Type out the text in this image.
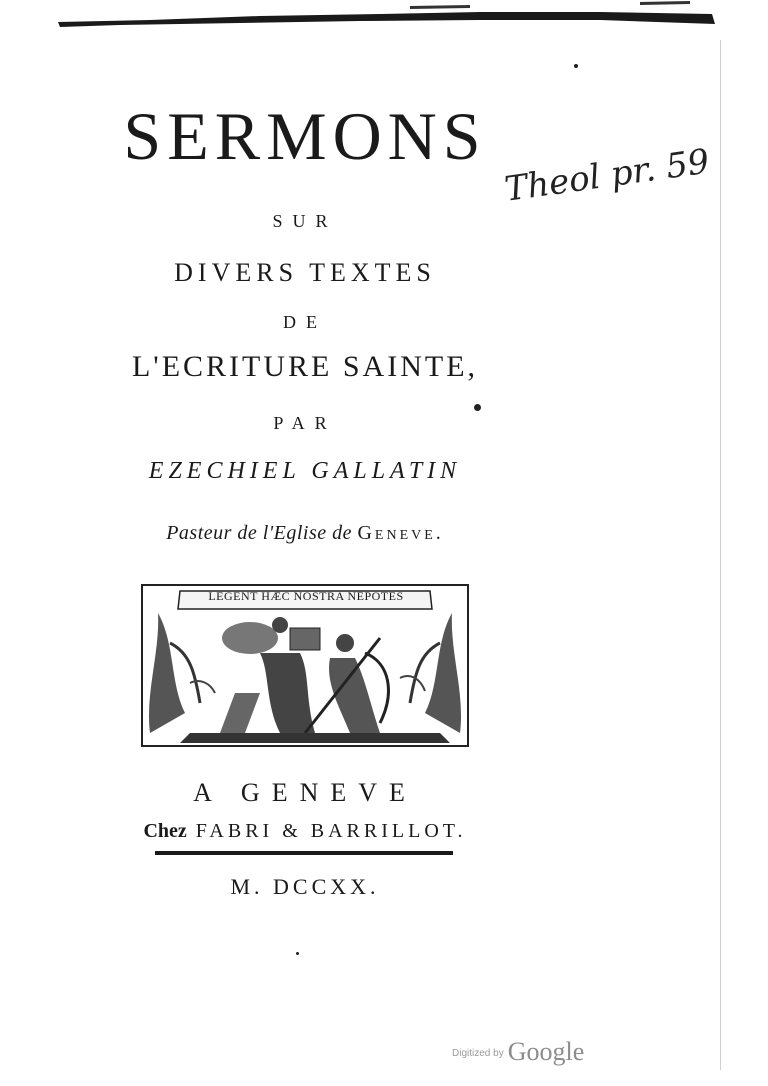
SERMONS
SUR
DIVERS TEXTES
DE
L'ECRITURE SAINTE,
PAR
EZECHIEL GALLATIN
Pasteur de l'Eglise de Geneve.
LEGENT HÆC NOSTRA NEPOTES
A GENEVE
Chez FABRI & BARRILLOT.
M. DCCXX.
Theol pr. 59
$^{Digitized by}$ Google
